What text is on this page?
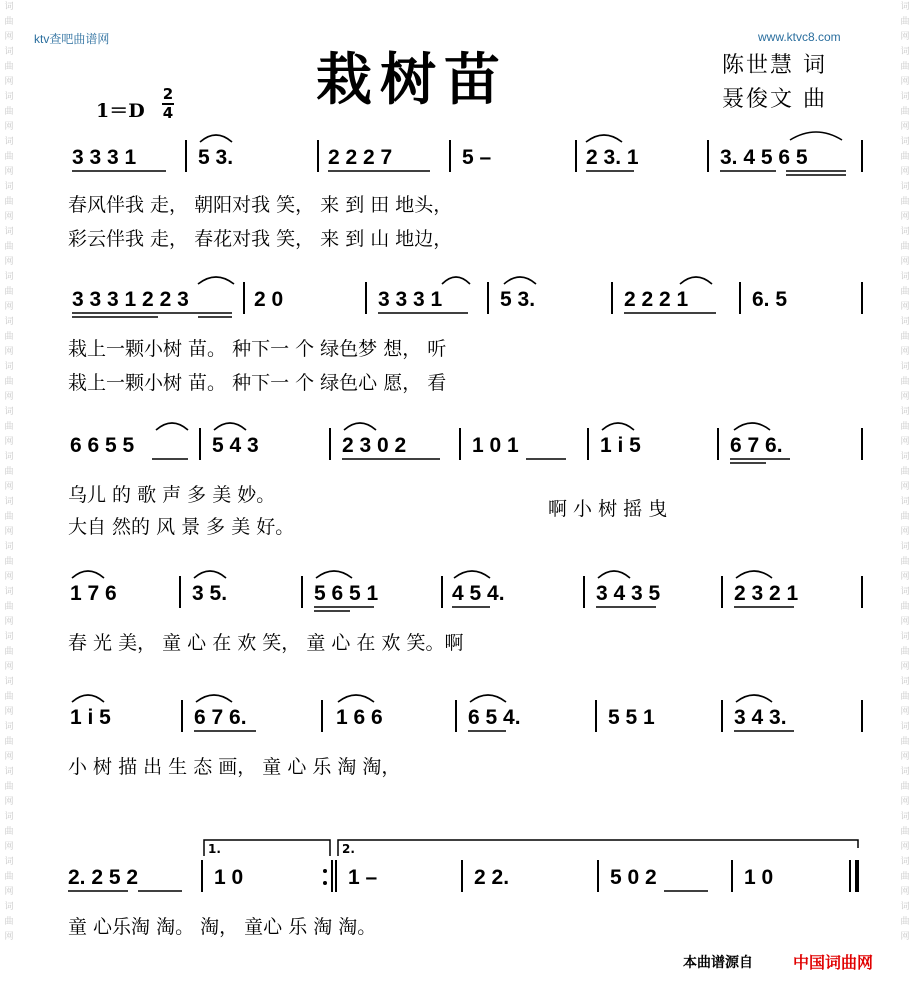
词曲网词曲网词曲网词曲网词曲网词曲网词曲网词曲网词曲网词曲网词曲网词曲网词曲网词曲网词曲网词曲网词曲网词曲网词曲网词曲网词曲网
词曲网词曲网词曲网词曲网词曲网词曲网词曲网词曲网词曲网词曲网词曲网词曲网词曲网词曲网词曲网词曲网词曲网词曲网词曲网词曲网词曲网
ktv查吧曲谱网	www.ktvc8.com
栽树苗	陈世慧 词
聂俊文 曲
1＝D
2
4
3 3 3 1	5 3.	2 2 2 7	5 –	2 3. 1	3. 4 5 6 5
春风伴我 走， 朝阳对我 笑， 来 到 田 地头，
彩云伴我 走， 春花对我 笑， 来 到 山 地边，
3 3 3 1 2 2 3	2 0	3 3 3 1	5 3.	2 2 2 1	6. 5
栽上一颗小树 苗。 种下一 个 绿色梦 想， 听
栽上一颗小树 苗。 种下一 个 绿色心 愿， 看
6 6 5 5	5 4 3	2 3 0 2	1 0 1	1 i 5	6 7 6.
乌儿 的 歌 声 多 美 妙。
大自 然的 风 景 多 美 好。
啊 小 树 摇 曳
1 7 6	3 5.	5 6 5 1	4 5 4.	3 4 3 5	2 3 2 1
春 光 美， 童 心 在 欢 笑， 童 心 在 欢 笑。啊
1 i 5	6 7 6.	1 6 6	6 5 4.	5 5 1	3 4 3.
小 树 描 出 生 态 画， 童 心 乐 淘 淘，
2. 2 5 2	1 0	1 –	2 2.	5 0 2	1 0
1.	2.
童 心乐淘 淘。 淘， 童心 乐 淘 淘。
本曲谱源自	中国词曲网
